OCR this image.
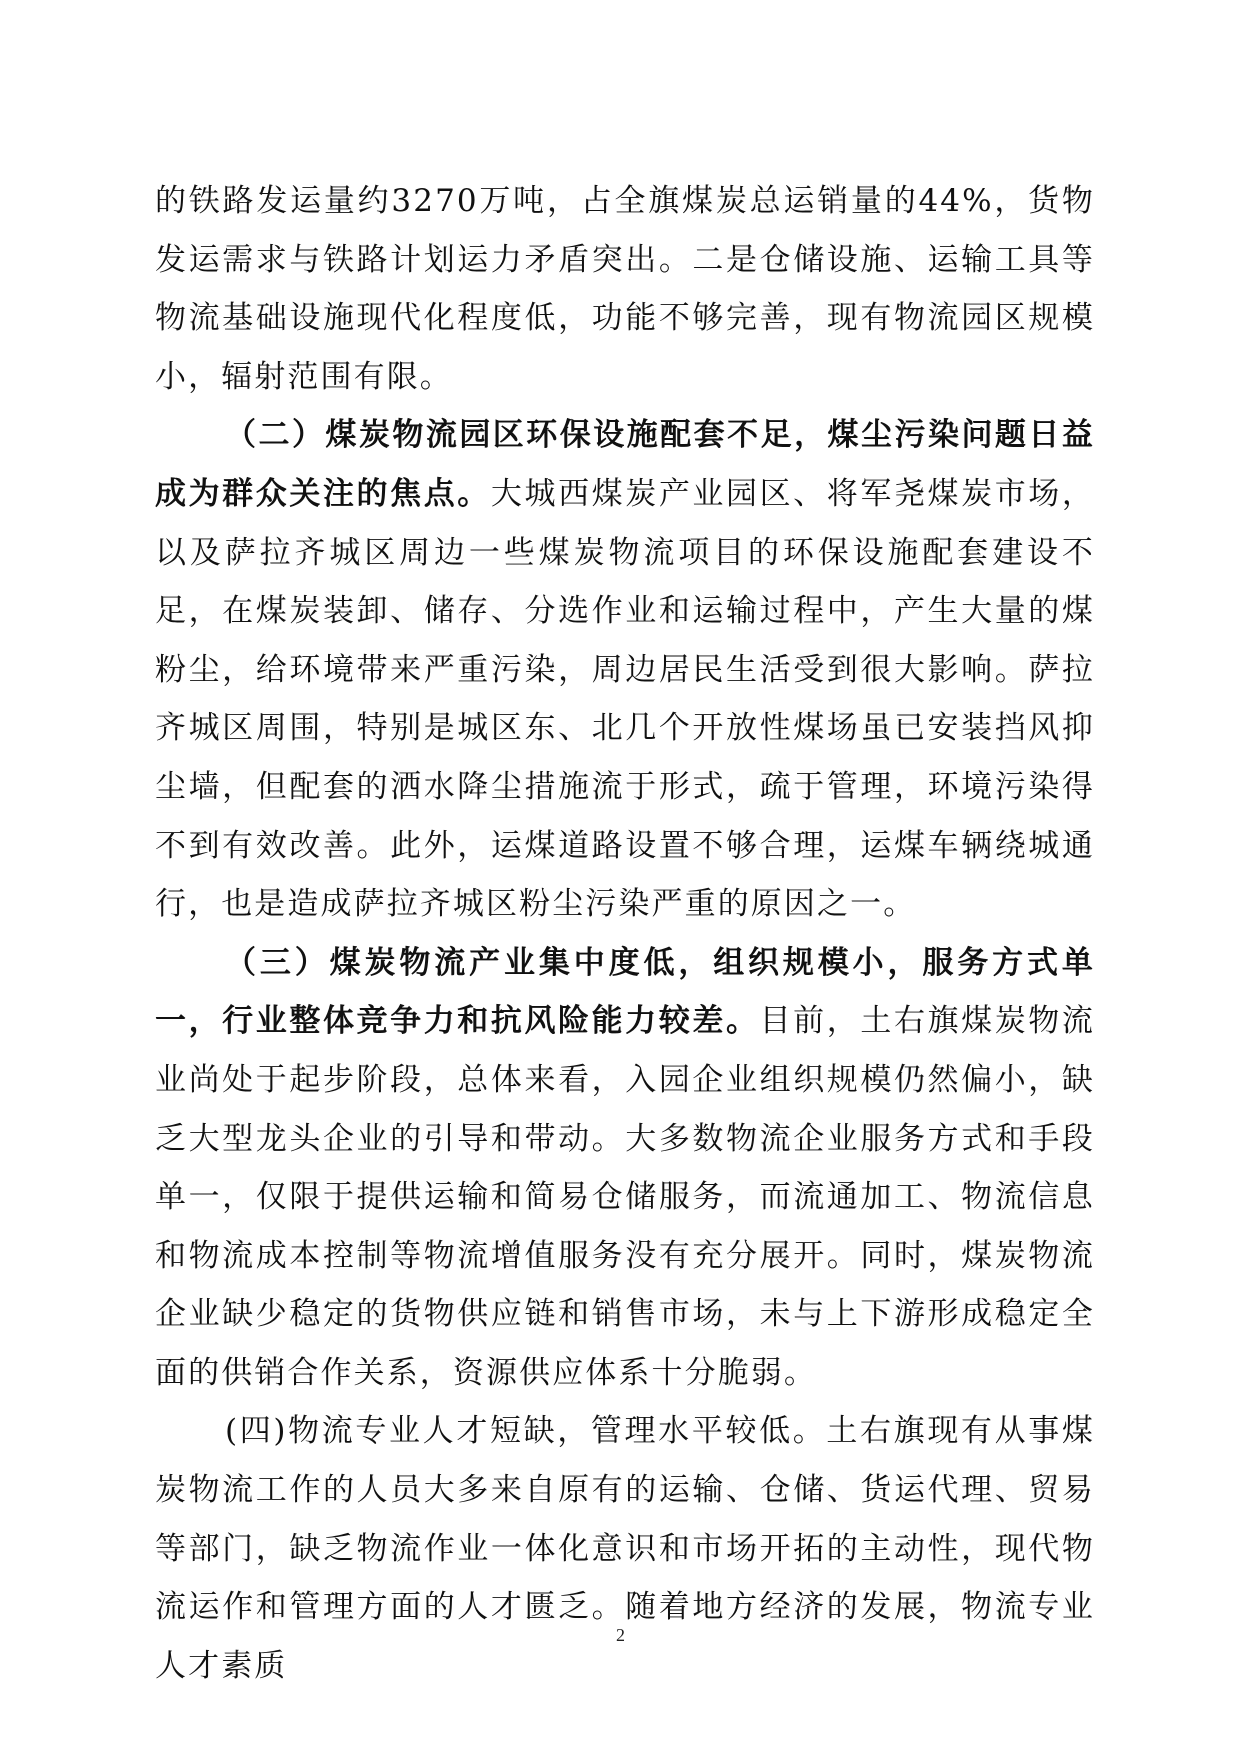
的铁路发运量约3270万吨，占全旗煤炭总运销量的44%，货物发运需求与铁路计划运力矛盾突出。二是仓储设施、运输工具等物流基础设施现代化程度低，功能不够完善，现有物流园区规模小，辐射范围有限。

（二）煤炭物流园区环保设施配套不足，煤尘污染问题日益成为群众关注的焦点。大城西煤炭产业园区、将军尧煤炭市场，以及萨拉齐城区周边一些煤炭物流项目的环保设施配套建设不足，在煤炭装卸、储存、分选作业和运输过程中，产生大量的煤粉尘，给环境带来严重污染，周边居民生活受到很大影响。萨拉齐城区周围，特别是城区东、北几个开放性煤场虽已安装挡风抑尘墙，但配套的洒水降尘措施流于形式，疏于管理，环境污染得不到有效改善。此外，运煤道路设置不够合理，运煤车辆绕城通行，也是造成萨拉齐城区粉尘污染严重的原因之一。

（三）煤炭物流产业集中度低，组织规模小，服务方式单一，行业整体竞争力和抗风险能力较差。目前，土右旗煤炭物流业尚处于起步阶段，总体来看，入园企业组织规模仍然偏小，缺乏大型龙头企业的引导和带动。大多数物流企业服务方式和手段单一，仅限于提供运输和简易仓储服务，而流通加工、物流信息和物流成本控制等物流增值服务没有充分展开。同时，煤炭物流企业缺少稳定的货物供应链和销售市场，未与上下游形成稳定全面的供销合作关系，资源供应体系十分脆弱。

(四)物流专业人才短缺，管理水平较低。土右旗现有从事煤炭物流工作的人员大多来自原有的运输、仓储、货运代理、贸易等部门，缺乏物流作业一体化意识和市场开拓的主动性，现代物流运作和管理方面的人才匮乏。随着地方经济的发展，物流专业人才素质

2
